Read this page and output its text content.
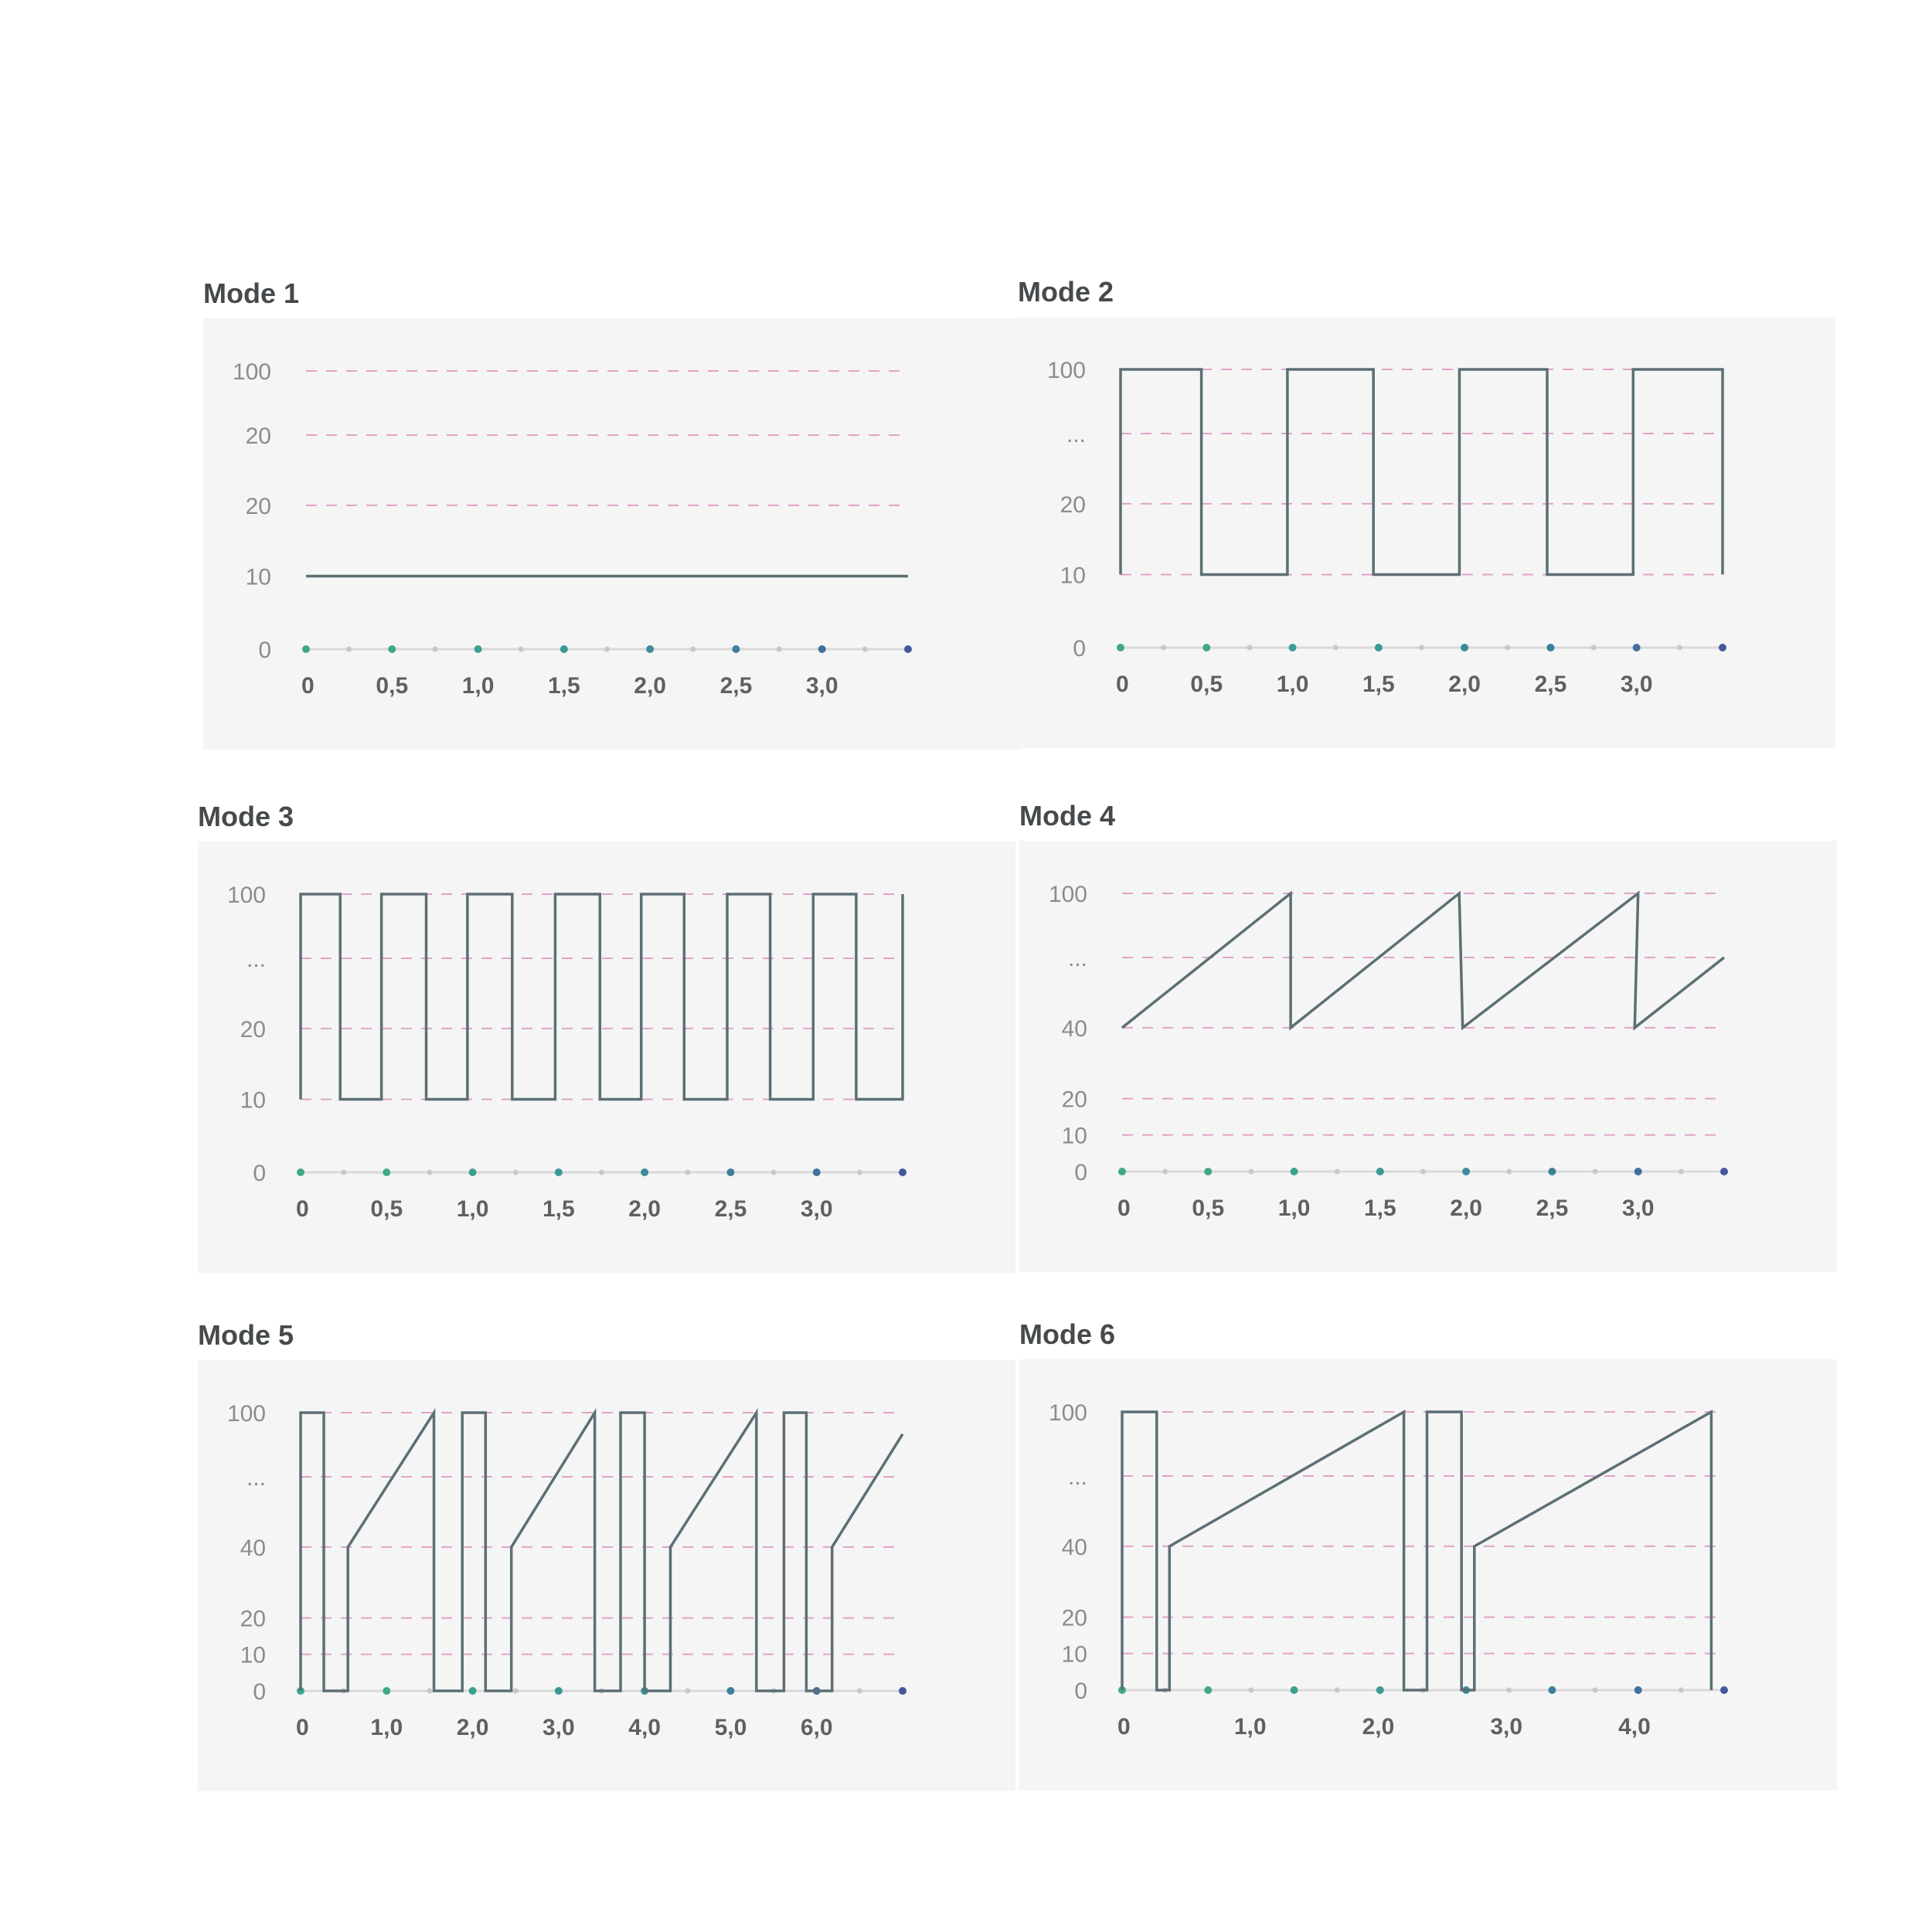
Mode 1
0
10
20
20
100
0	0,5 1,0 1,5 2,0 2,5 3,0
Mode 2
0
10
20
...
100
0	0,5 1,0 1,5 2,0 2,5 3,0
Mode 3
0
10
20
...
100
0	0,5 1,0 1,5 2,0 2,5 3,0
Mode 4
0
10
20
40
...
100
0	0,5 1,0 1,5 2,0 2,5 3,0
Mode 5
0
10
20
40
...
100
0	1,0 2,0 3,0 4,0 5,0 6,0
Mode 6
0
10
20
40
...
100
0	1,0	2,0	3,0	4,0
